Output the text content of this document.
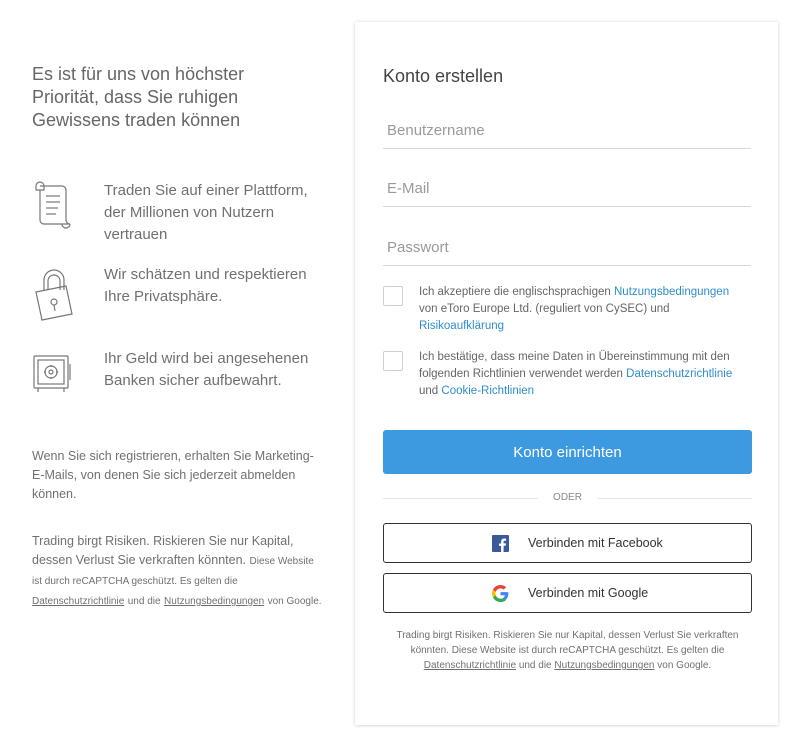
Es ist für uns von höchster Priorität, dass Sie ruhigen Gewissens traden können
Traden Sie auf einer Plattform, der Millionen von Nutzern vertrauen
Wir schätzen und respektieren Ihre Privatsphäre.
Ihr Geld wird bei angesehenen Banken sicher aufbewahrt.
Wenn Sie sich registrieren, erhalten Sie Marketing-E-Mails, von denen Sie sich jederzeit abmelden können.
Trading birgt Risiken. Riskieren Sie nur Kapital, dessen Verlust Sie verkraften könnten. Diese Website ist durch reCAPTCHA geschützt. Es gelten die Datenschutzrichtlinie und die Nutzungsbedingungen von Google.
Konto erstellen
Benutzername
E-Mail
Ich akzeptiere die englischsprachigen Nutzungsbedingungen von eToro Europe Ltd. (reguliert von CySEC) und Risikoaufklärung
Ich bestätige, dass meine Daten in Übereinstimmung mit den folgenden Richtlinien verwendet werden Datenschutzrichtlinie und Cookie-Richtlinien
Konto einrichten
ODER
Verbinden mit Facebook
Verbinden mit Google
Trading birgt Risiken. Riskieren Sie nur Kapital, dessen Verlust Sie verkraften könnten. Diese Website ist durch reCAPTCHA geschützt. Es gelten die Datenschutzrichtlinie und die Nutzungsbedingungen von Google.
